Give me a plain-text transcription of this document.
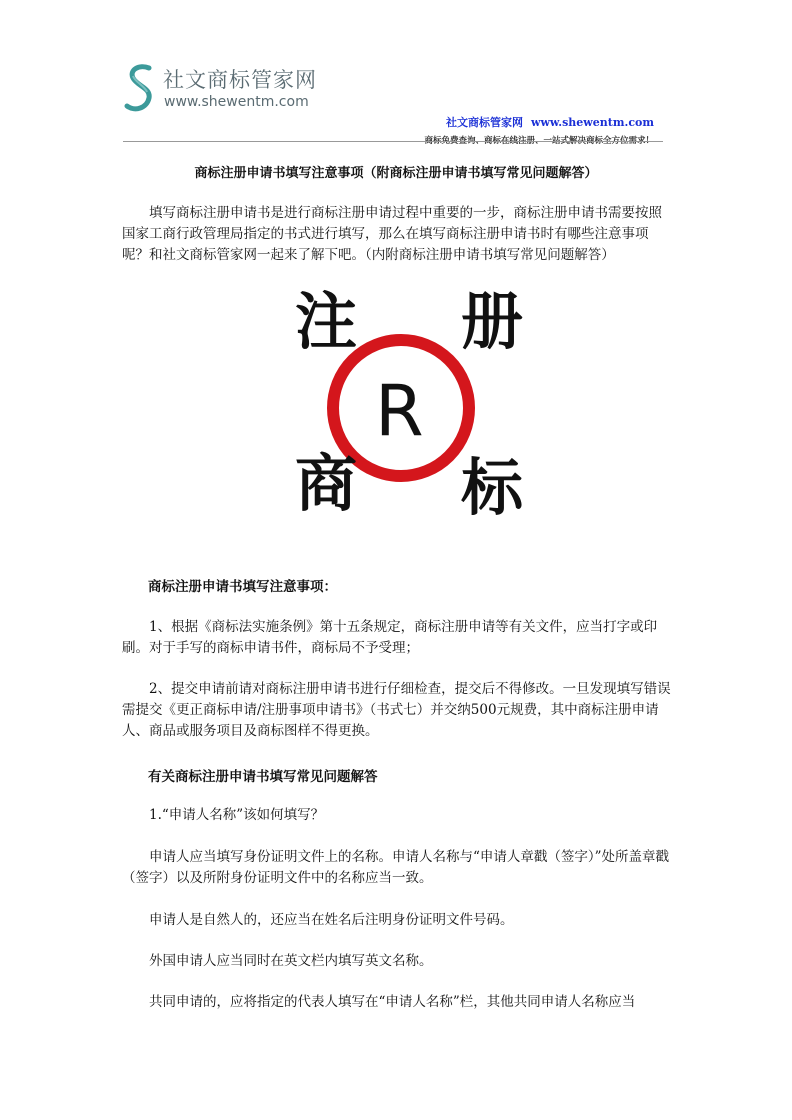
社文商标管家网
www.shewentm.com
社文商标管家网 www.shewentm.com
商标免费查询、商标在线注册、一站式解决商标全方位需求！
商标注册申请书填写注意事项（附商标注册申请书填写常见问题解答）

填写商标注册申请书是进行商标注册申请过程中重要的一步，商标注册申请书需要按照国家工商行政管理局指定的书式进行填写，那么在填写商标注册申请书时有哪些注意事项呢？和社文商标管家网一起来了解下吧。（内附商标注册申请书填写常见问题解答）

注 册
商 标
R

商标注册申请书填写注意事项：

1、根据《商标法实施条例》第十五条规定，商标注册申请等有关文件，应当打字或印刷。对于手写的商标申请书件，商标局不予受理；

2、提交申请前请对商标注册申请书进行仔细检查，提交后不得修改。一旦发现填写错误需提交《更正商标申请/注册事项申请书》（书式七）并交纳500元规费，其中商标注册申请人、商品或服务项目及商标图样不得更换。

有关商标注册申请书填写常见问题解答

1.“申请人名称”该如何填写？

申请人应当填写身份证明文件上的名称。申请人名称与“申请人章戳（签字）”处所盖章戳（签字）以及所附身份证明文件中的名称应当一致。

申请人是自然人的，还应当在姓名后注明身份证明文件号码。

外国申请人应当同时在英文栏内填写英文名称。

共同申请的，应将指定的代表人填写在“申请人名称”栏，其他共同申请人名称应当
